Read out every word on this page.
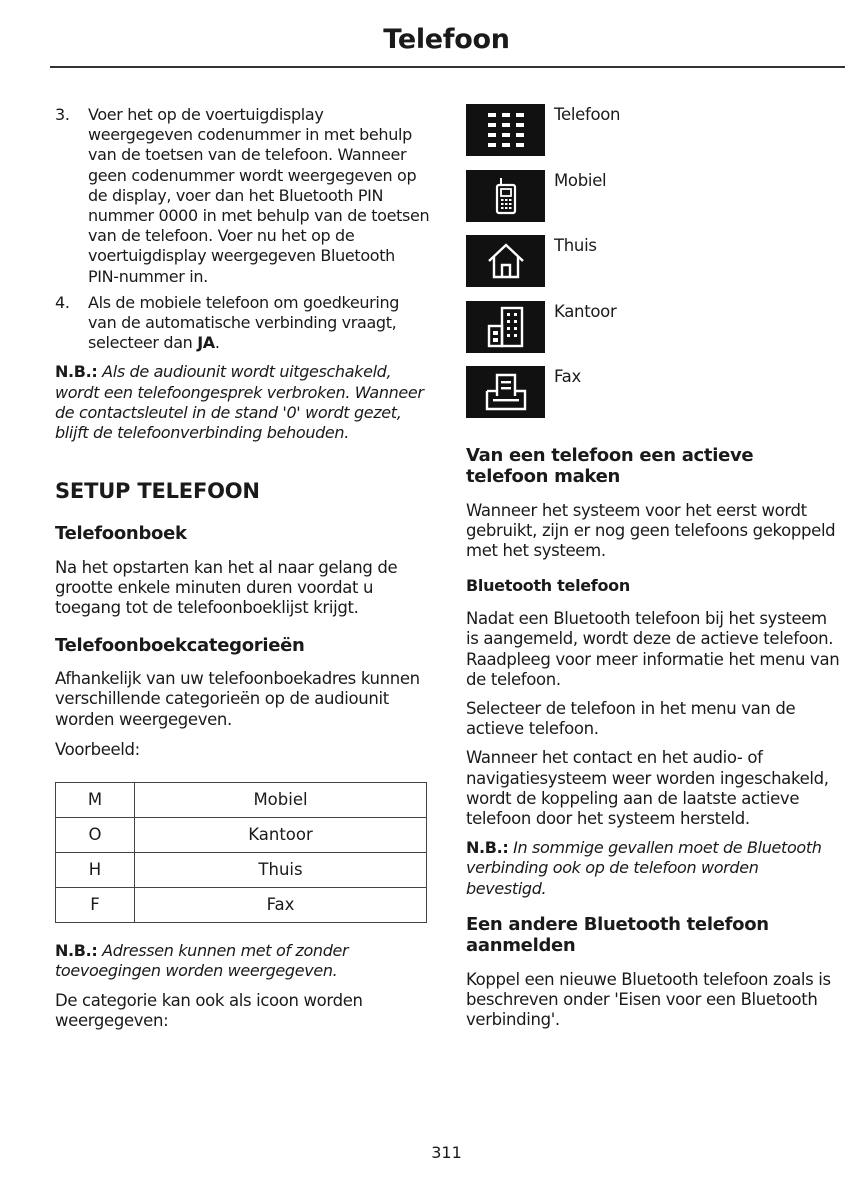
Telefoon
3. Voer het op de voertuigdisplay weergegeven codenummer in met behulp van de toetsen van de telefoon. Wanneer geen codenummer wordt weergegeven op de display, voer dan het Bluetooth PIN nummer 0000 in met behulp van de toetsen van de telefoon. Voer nu het op de voertuigdisplay weergegeven Bluetooth PIN-nummer in.
4. Als de mobiele telefoon om goedkeuring van de automatische verbinding vraagt, selecteer dan JA.

N.B.: Als de audiounit wordt uitgeschakeld, wordt een telefoongesprek verbroken. Wanneer de contactsleutel in de stand '0' wordt gezet, blijft de telefoonverbinding behouden.

SETUP TELEFOON
Telefoonboek

Na het opstarten kan het al naar gelang de grootte enkele minuten duren voordat u toegang tot de telefoonboeklijst krijgt.

Telefoonboekcategorieën

Afhankelijk van uw telefoonboekadres kunnen verschillende categorieën op de audiounit worden weergegeven.

Voorbeeld:

M	Mobiel
O	Kantoor
H	Thuis
F	Fax

N.B.: Adressen kunnen met of zonder toevoegingen worden weergegeven.

De categorie kan ook als icoon worden weergegeven:

Telefoon
Mobiel
Thuis
Kantoor
Fax
Van een telefoon een actieve telefoon maken

Wanneer het systeem voor het eerst wordt gebruikt, zijn er nog geen telefoons gekoppeld met het systeem.

Bluetooth telefoon

Nadat een Bluetooth telefoon bij het systeem is aangemeld, wordt deze de actieve telefoon. Raadpleeg voor meer informatie het menu van de telefoon.

Selecteer de telefoon in het menu van de actieve telefoon.

Wanneer het contact en het audio- of navigatiesysteem weer worden ingeschakeld, wordt de koppeling aan de laatste actieve telefoon door het systeem hersteld.

N.B.: In sommige gevallen moet de Bluetooth verbinding ook op de telefoon worden bevestigd.

Een andere Bluetooth telefoon aanmelden

Koppel een nieuwe Bluetooth telefoon zoals is beschreven onder 'Eisen voor een Bluetooth verbinding'.

311
